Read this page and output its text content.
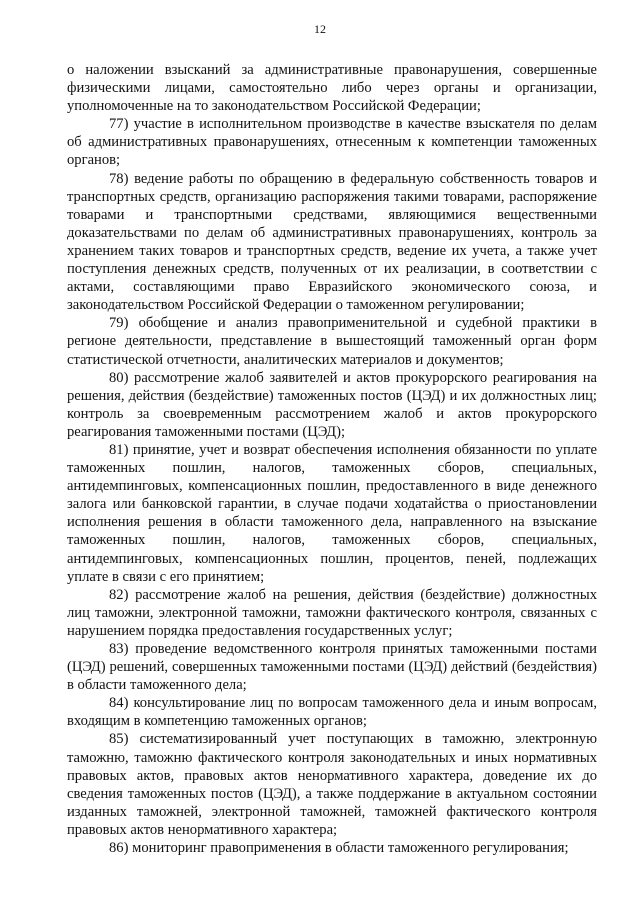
12

о наложении взысканий за административные правонарушения, совершенные физическими лицами, самостоятельно либо через органы и организации, уполномоченные на то законодательством Российской Федерации;

77) участие в исполнительном производстве в качестве взыскателя по делам об административных правонарушениях, отнесенным к компетенции таможенных органов;

78) ведение работы по обращению в федеральную собственность товаров и транспортных средств, организацию распоряжения такими товарами, распоряжение товарами и транспортными средствами, являющимися вещественными доказательствами по делам об административных правонарушениях, контроль за хранением таких товаров и транспортных средств, ведение их учета, а также учет поступления денежных средств, полученных от их реализации, в соответствии с актами, составляющими право Евразийского экономического союза, и законодательством Российской Федерации о таможенном регулировании;

79) обобщение и анализ правоприменительной и судебной практики в регионе деятельности, представление в вышестоящий таможенный орган форм статистической отчетности, аналитических материалов и документов;

80) рассмотрение жалоб заявителей и актов прокурорского реагирования на решения, действия (бездействие) таможенных постов (ЦЭД) и их должностных лиц; контроль за своевременным рассмотрением жалоб и актов прокурорского реагирования таможенными постами (ЦЭД);

81) принятие, учет и возврат обеспечения исполнения обязанности по уплате таможенных пошлин, налогов, таможенных сборов, специальных, антидемпинговых, компенсационных пошлин, предоставленного в виде денежного залога или банковской гарантии, в случае подачи ходатайства о приостановлении исполнения решения в области таможенного дела, направленного на взыскание таможенных пошлин, налогов, таможенных сборов, специальных, антидемпинговых, компенсационных пошлин, процентов, пеней, подлежащих уплате в связи с его принятием;

82) рассмотрение жалоб на решения, действия (бездействие) должностных лиц таможни, электронной таможни, таможни фактического контроля, связанных с нарушением порядка предоставления государственных услуг;

83) проведение ведомственного контроля принятых таможенными постами (ЦЭД) решений, совершенных таможенными постами (ЦЭД) действий (бездействия) в области таможенного дела;

84) консультирование лиц по вопросам таможенного дела и иным вопросам, входящим в компетенцию таможенных органов;

85) систематизированный учет поступающих в таможню, электронную таможню, таможню фактического контроля законодательных и иных нормативных правовых актов, правовых актов ненормативного характера, доведение их до сведения таможенных постов (ЦЭД), а также поддержание в актуальном состоянии изданных таможней, электронной таможней, таможней фактического контроля правовых актов ненормативного характера;

86) мониторинг правоприменения в области таможенного регулирования;
